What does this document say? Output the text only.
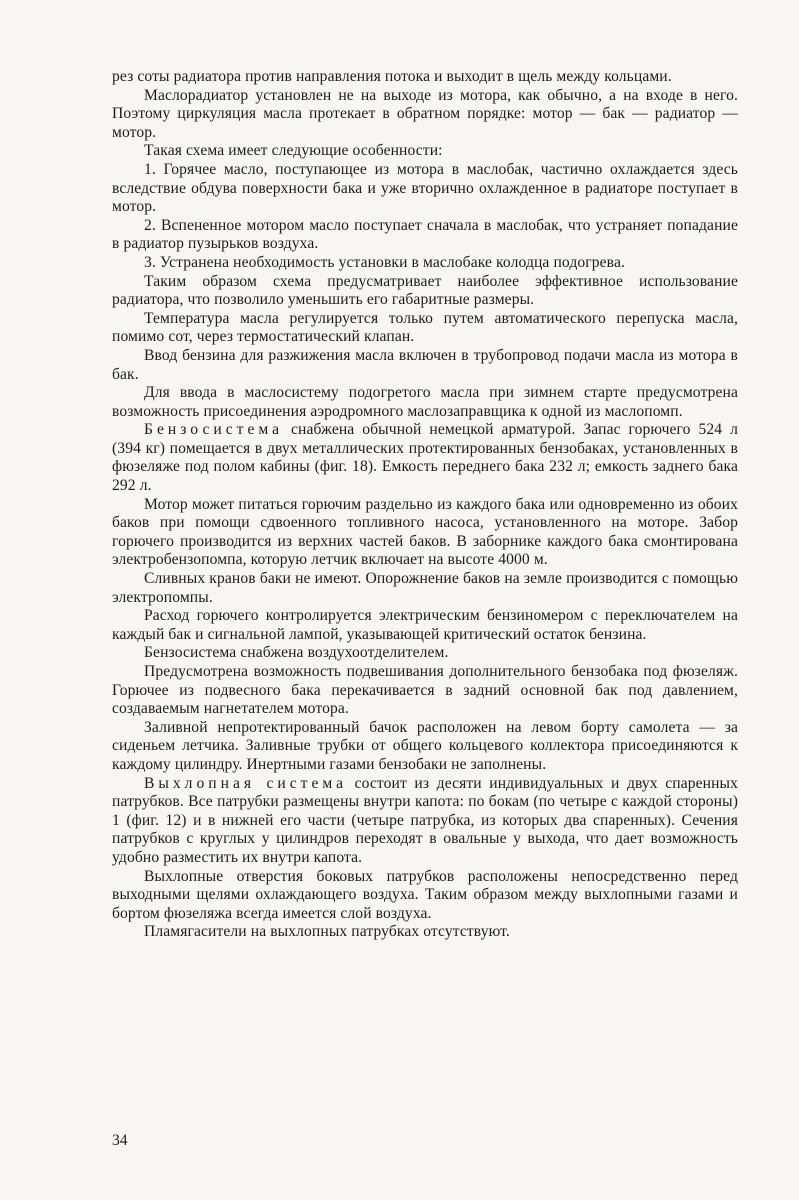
рез соты радиатора против направления потока и выходит в щель между кольцами.

Маслорадиатор установлен не на выходе из мотора, как обычно, а на входе в него. Поэтому циркуляция масла протекает в обратном порядке: мотор — бак — радиатор — мотор.

Такая схема имеет следующие особенности:

1. Горячее масло, поступающее из мотора в маслобак, частично охлаждается здесь вследствие обдува поверхности бака и уже вторично охлажденное в радиаторе поступает в мотор.

2. Вспененное мотором масло поступает сначала в маслобак, что устраняет попадание в радиатор пузырьков воздуха.

3. Устранена необходимость установки в маслобаке колодца подогрева.

Таким образом схема предусматривает наиболее эффективное использование радиатора, что позволило уменьшить его габаритные размеры.

Температура масла регулируется только путем автоматического перепуска масла, помимо сот, через термостатический клапан.

Ввод бензина для разжижения масла включен в трубопровод подачи масла из мотора в бак.

Для ввода в маслосистему подогретого масла при зимнем старте предусмотрена возможность присоединения аэродромного маслозаправщика к одной из маслопомп.

Бензосистема снабжена обычной немецкой арматурой. Запас горючего 524 л (394 кг) помещается в двух металлических протектированных бензобаках, установленных в фюзеляже под полом кабины (фиг. 18). Емкость переднего бака 232 л; емкость заднего бака 292 л.

Мотор может питаться горючим раздельно из каждого бака или одновременно из обоих баков при помощи сдвоенного топливного насоса, установленного на моторе. Забор горючего производится из верхних частей баков. В заборнике каждого бака смонтирована электробензопомпа, которую летчик включает на высоте 4000 м.

Сливных кранов баки не имеют. Опорожнение баков на земле производится с помощью электропомпы.

Расход горючего контролируется электрическим бензиномером с переключателем на каждый бак и сигнальной лампой, указывающей критический остаток бензина.

Бензосистема снабжена воздухоотделителем.

Предусмотрена возможность подвешивания дополнительного бензобака под фюзеляж. Горючее из подвесного бака перекачивается в задний основной бак под давлением, создаваемым нагнетателем мотора.

Заливной непротектированный бачок расположен на левом борту самолета — за сиденьем летчика. Заливные трубки от общего кольцевого коллектора присоединяются к каждому цилиндру. Инертными газами бензобаки не заполнены.

Выхлопная система состоит из десяти индивидуальных и двух спаренных патрубков. Все патрубки размещены внутри капота: по бокам (по четыре с каждой стороны) 1 (фиг. 12) и в нижней его части (четыре патрубка, из которых два спаренных). Сечения патрубков с круглых у цилиндров переходят в овальные у выхода, что дает возможность удобно разместить их внутри капота.

Выхлопные отверстия боковых патрубков расположены непосредственно перед выходными щелями охлаждающего воздуха. Таким образом между выхлопными газами и бортом фюзеляжа всегда имеется слой воздуха.

Пламягасители на выхлопных патрубках отсутствуют.

34
